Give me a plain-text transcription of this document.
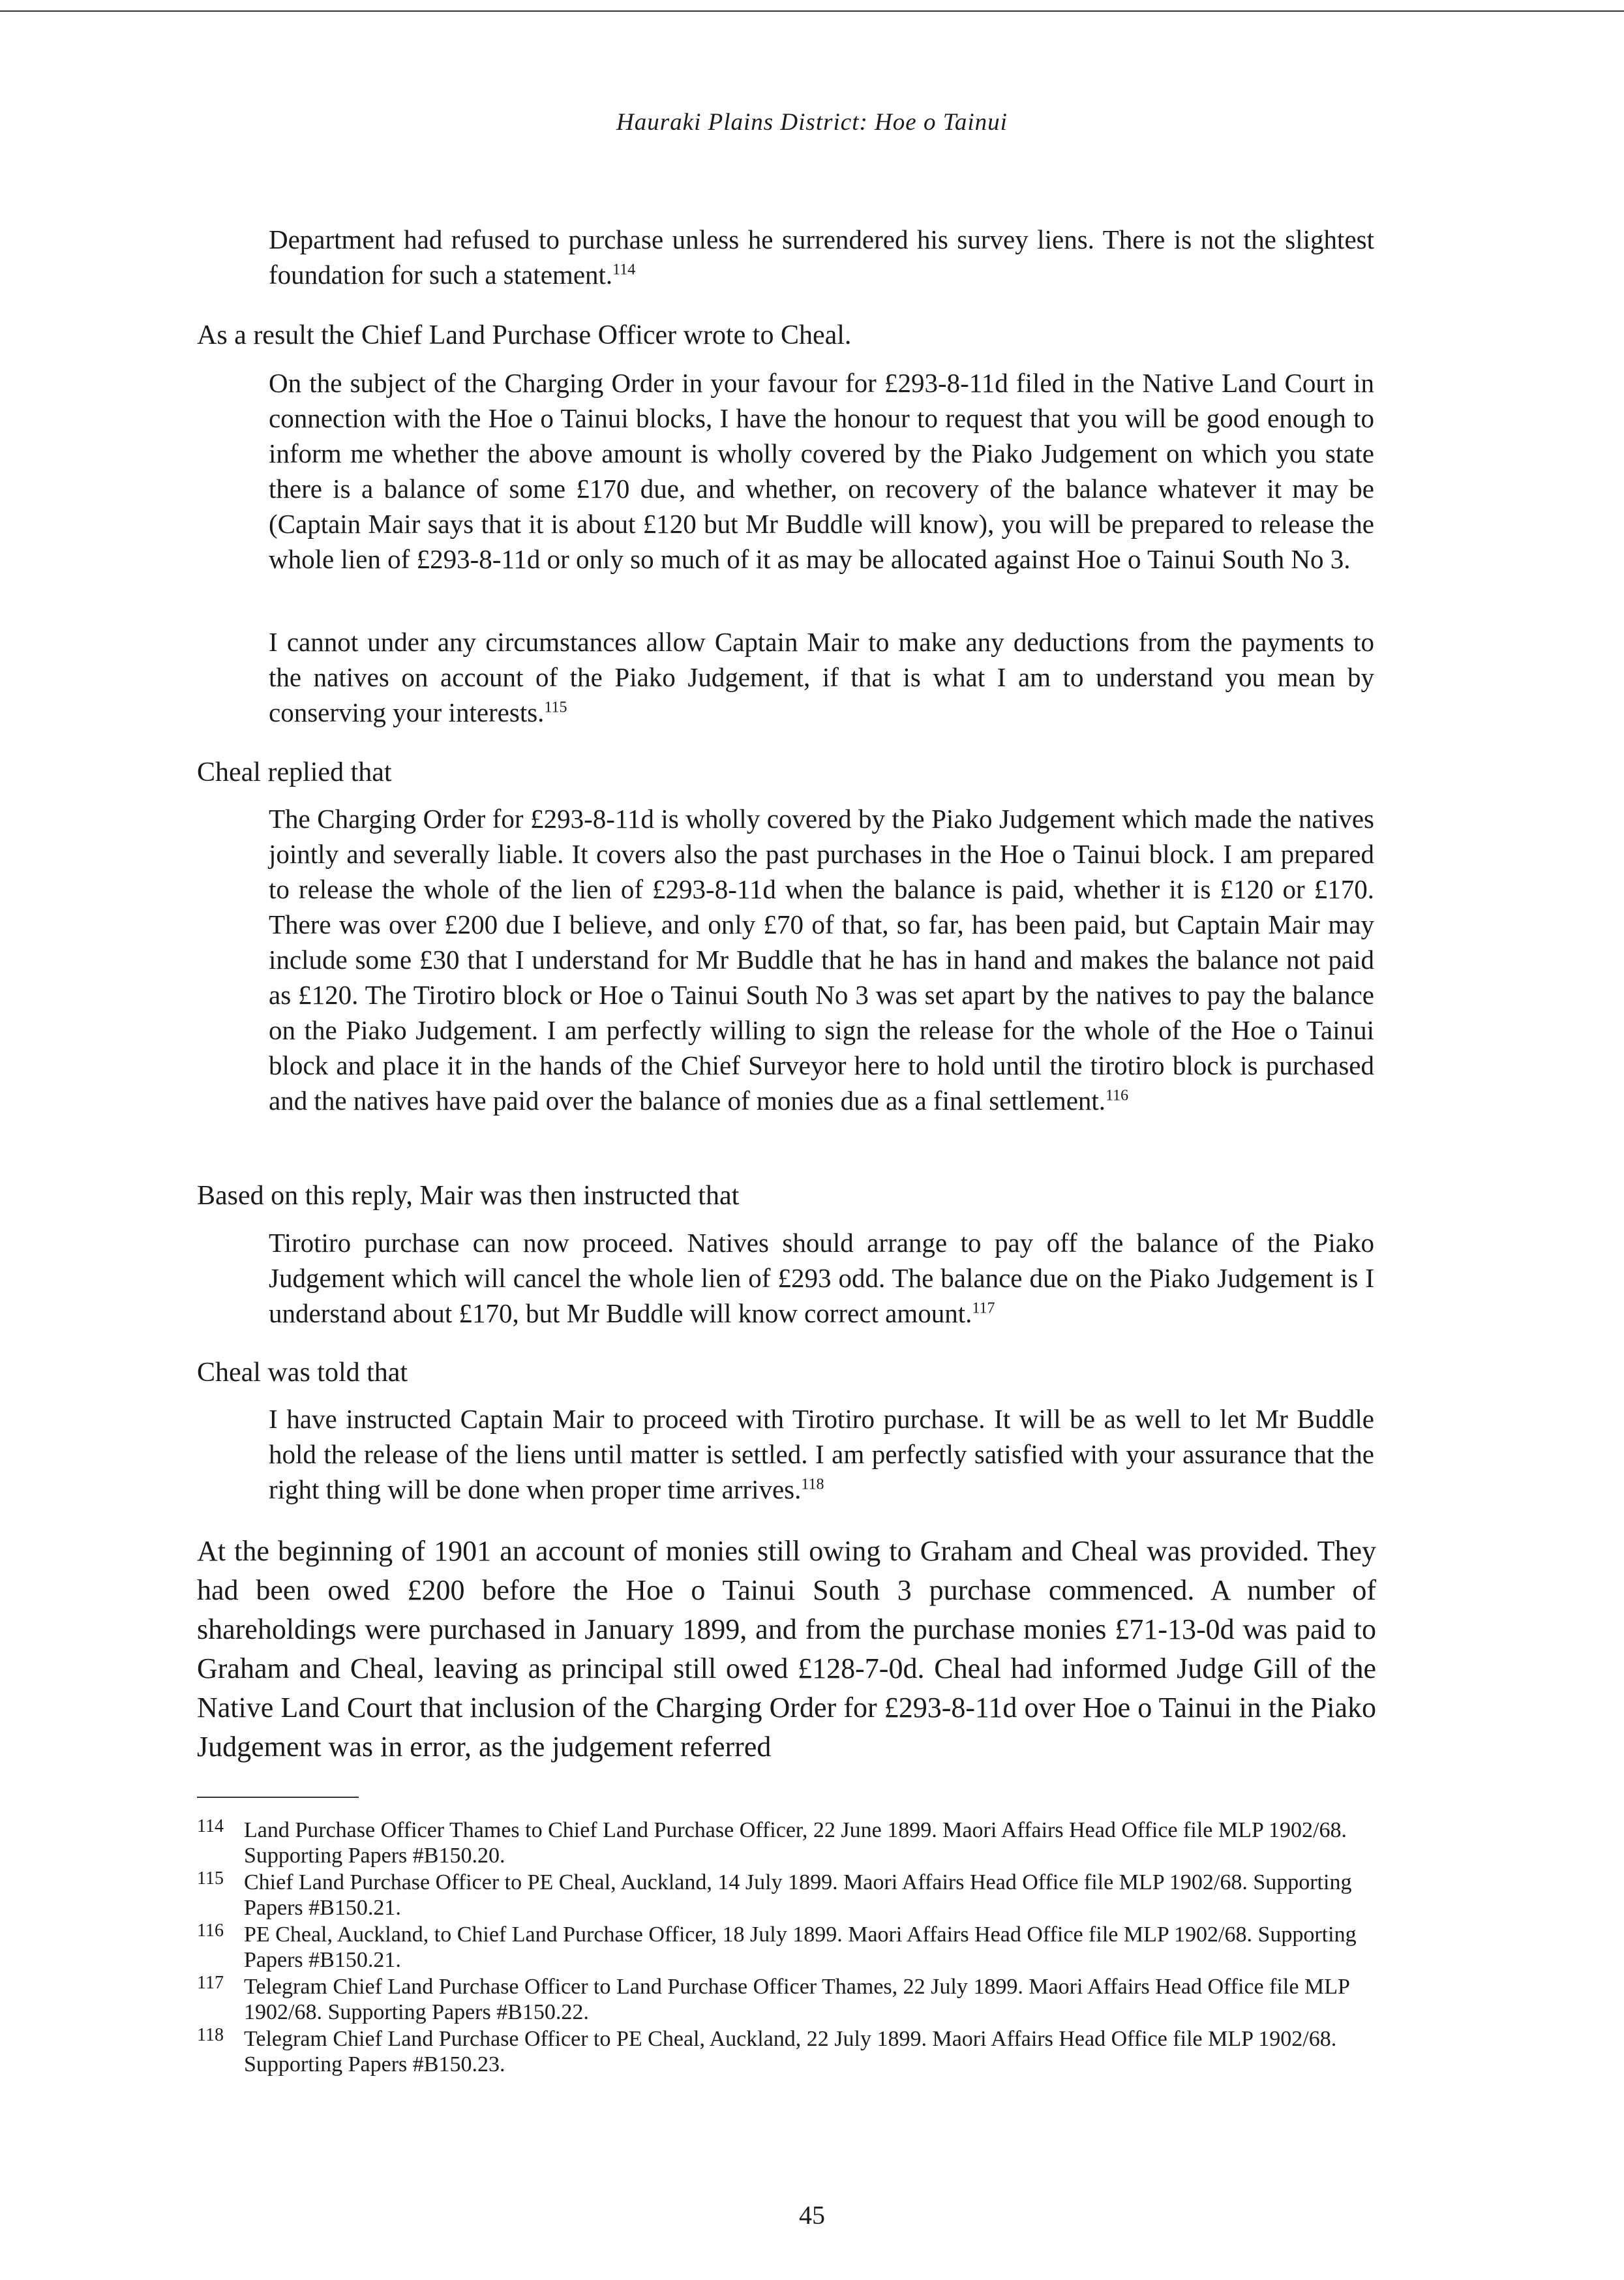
Hauraki Plains District: Hoe o Tainui

Department had refused to purchase unless he surrendered his survey liens. There is not the slightest foundation for such a statement.$^{114}$

As a result the Chief Land Purchase Officer wrote to Cheal.

On the subject of the Charging Order in your favour for £293-8-11d filed in the Native Land Court in connection with the Hoe o Tainui blocks, I have the honour to request that you will be good enough to inform me whether the above amount is wholly covered by the Piako Judgement on which you state there is a balance of some £170 due, and whether, on recovery of the balance whatever it may be (Captain Mair says that it is about £120 but Mr Buddle will know), you will be prepared to release the whole lien of £293-8-11d or only so much of it as may be allocated against Hoe o Tainui South No 3.

I cannot under any circumstances allow Captain Mair to make any deductions from the payments to the natives on account of the Piako Judgement, if that is what I am to understand you mean by conserving your interests.$^{115}$

Cheal replied that

The Charging Order for £293-8-11d is wholly covered by the Piako Judgement which made the natives jointly and severally liable. It covers also the past purchases in the Hoe o Tainui block. I am prepared to release the whole of the lien of £293-8-11d when the balance is paid, whether it is £120 or £170. There was over £200 due I believe, and only £70 of that, so far, has been paid, but Captain Mair may include some £30 that I understand for Mr Buddle that he has in hand and makes the balance not paid as £120. The Tirotiro block or Hoe o Tainui South No 3 was set apart by the natives to pay the balance on the Piako Judgement. I am perfectly willing to sign the release for the whole of the Hoe o Tainui block and place it in the hands of the Chief Surveyor here to hold until the tirotiro block is purchased and the natives have paid over the balance of monies due as a final settlement.$^{116}$

Based on this reply, Mair was then instructed that

Tirotiro purchase can now proceed. Natives should arrange to pay off the balance of the Piako Judgement which will cancel the whole lien of £293 odd. The balance due on the Piako Judgement is I understand about £170, but Mr Buddle will know correct amount.$^{117}$

Cheal was told that

I have instructed Captain Mair to proceed with Tirotiro purchase. It will be as well to let Mr Buddle hold the release of the liens until matter is settled. I am perfectly satisfied with your assurance that the right thing will be done when proper time arrives.$^{118}$

At the beginning of 1901 an account of monies still owing to Graham and Cheal was provided. They had been owed £200 before the Hoe o Tainui South 3 purchase commenced. A number of shareholdings were purchased in January 1899, and from the purchase monies £71-13-0d was paid to Graham and Cheal, leaving as principal still owed £128-7-0d. Cheal had informed Judge Gill of the Native Land Court that inclusion of the Charging Order for £293-8-11d over Hoe o Tainui in the Piako Judgement was in error, as the judgement referred

114 Land Purchase Officer Thames to Chief Land Purchase Officer, 22 June 1899. Maori Affairs Head Office file MLP 1902/68. Supporting Papers #B150.20.
115 Chief Land Purchase Officer to PE Cheal, Auckland, 14 July 1899. Maori Affairs Head Office file MLP 1902/68. Supporting Papers #B150.21.
116 PE Cheal, Auckland, to Chief Land Purchase Officer, 18 July 1899. Maori Affairs Head Office file MLP 1902/68. Supporting Papers #B150.21.
117 Telegram Chief Land Purchase Officer to Land Purchase Officer Thames, 22 July 1899. Maori Affairs Head Office file MLP 1902/68. Supporting Papers #B150.22.
118 Telegram Chief Land Purchase Officer to PE Cheal, Auckland, 22 July 1899. Maori Affairs Head Office file MLP 1902/68. Supporting Papers #B150.23.
45
